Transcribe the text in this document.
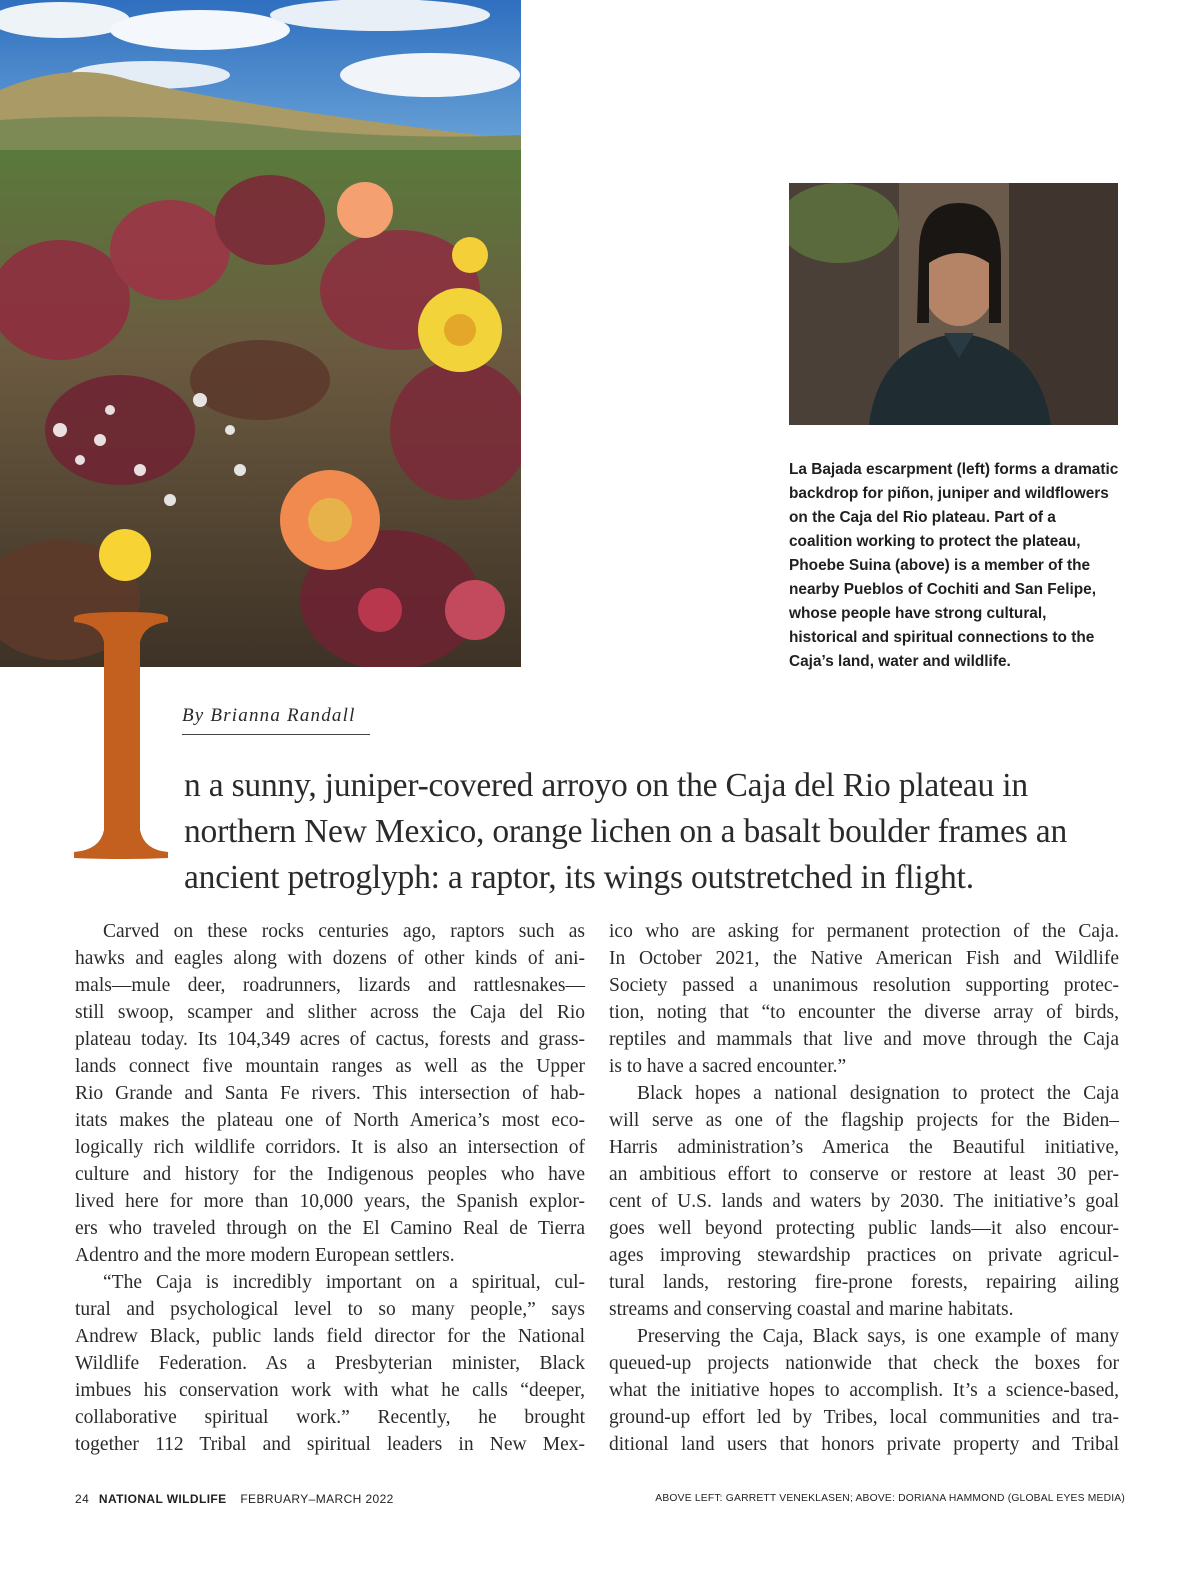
La Bajada escarpment (left) forms a dramatic backdrop for piñon, juniper and wildflowers on the Caja del Rio plateau. Part of a coalition working to protect the plateau, Phoebe Suina (above) is a member of the nearby Pueblos of Cochiti and San Felipe, whose people have strong cultural, historical and spiritual connections to the Caja’s land, water and wildlife.

I
By Brianna Randall
n a sunny, juniper-covered arroyo on the Caja del Rio plateau in
northern New Mexico, orange lichen on a basalt boulder frames an
ancient petroglyph: a raptor, its wings outstretched in flight.
Carved on these rocks centuries ago, raptors such as
hawks and eagles along with dozens of other kinds of ani-
mals—mule deer, roadrunners, lizards and rattlesnakes—
still swoop, scamper and slither across the Caja del Rio
plateau today. Its 104,349 acres of cactus, forests and grass-
lands connect five mountain ranges as well as the Upper
Rio Grande and Santa Fe rivers. This intersection of hab-
itats makes the plateau one of North America’s most eco-
logically rich wildlife corridors. It is also an intersection of
culture and history for the Indigenous peoples who have
lived here for more than 10,000 years, the Spanish explor-
ers who traveled through on the El Camino Real de Tierra
Adentro and the more modern European settlers.
“The Caja is incredibly important on a spiritual, cul-
tural and psychological level to so many people,” says
Andrew Black, public lands field director for the National
Wildlife Federation. As a Presbyterian minister, Black
imbues his conservation work with what he calls “deeper,
collaborative spiritual work.” Recently, he brought
together 112 Tribal and spiritual leaders in New Mex-
ico who are asking for permanent protection of the Caja.
In October 2021, the Native American Fish and Wildlife
Society passed a unanimous resolution supporting protec-
tion, noting that “to encounter the diverse array of birds,
reptiles and mammals that live and move through the Caja
is to have a sacred encounter.”
Black hopes a national designation to protect the Caja
will serve as one of the flagship projects for the Biden–
Harris administration’s America the Beautiful initiative,
an ambitious effort to conserve or restore at least 30 per-
cent of U.S. lands and waters by 2030. The initiative’s goal
goes well beyond protecting public lands—it also encour-
ages improving stewardship practices on private agricul-
tural lands, restoring fire-prone forests, repairing ailing
streams and conserving coastal and marine habitats.
Preserving the Caja, Black says, is one example of many
queued-up projects nationwide that check the boxes for
what the initiative hopes to accomplish. It’s a science-based,
ground-up effort led by Tribes, local communities and tra-
ditional land users that honors private property and Tribal
24 NATIONAL WILDLIFE FEBRUARY–MARCH 2022	ABOVE LEFT: GARRETT VENEKLASEN; ABOVE: DORIANA HAMMOND (GLOBAL EYES MEDIA)
